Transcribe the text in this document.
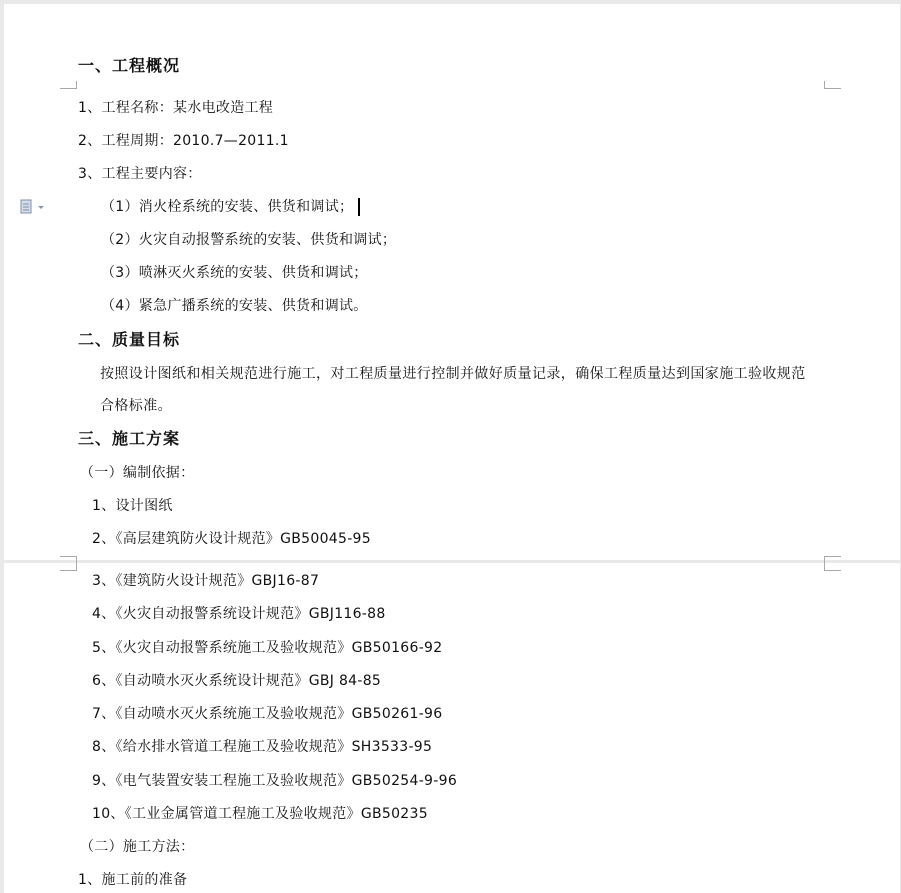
一、工程概况
1、工程名称：某水电改造工程
2、工程周期：2010.7—2011.1
3、工程主要内容：
（1）消火栓系统的安装、供货和调试；
（2）火灾自动报警系统的安装、供货和调试；
（3）喷淋灭火系统的安装、供货和调试；
（4）紧急广播系统的安装、供货和调试。
二、质量目标
按照设计图纸和相关规范进行施工，对工程质量进行控制并做好质量记录，确保工程质量达到国家施工验收规范
合格标准。
三、施工方案
（一）编制依据：
1、设计图纸
2、《高层建筑防火设计规范》GB50045-95
3、《建筑防火设计规范》GBJ16-87
4、《火灾自动报警系统设计规范》GBJ116-88
5、《火灾自动报警系统施工及验收规范》GB50166-92
6、《自动喷水灭火系统设计规范》GBJ 84-85
7、《自动喷水灭火系统施工及验收规范》GB50261-96
8、《给水排水管道工程施工及验收规范》SH3533-95
9、《电气装置安装工程施工及验收规范》GB50254-9-96
10、《工业金属管道工程施工及验收规范》GB50235
（二）施工方法：
1、施工前的准备
